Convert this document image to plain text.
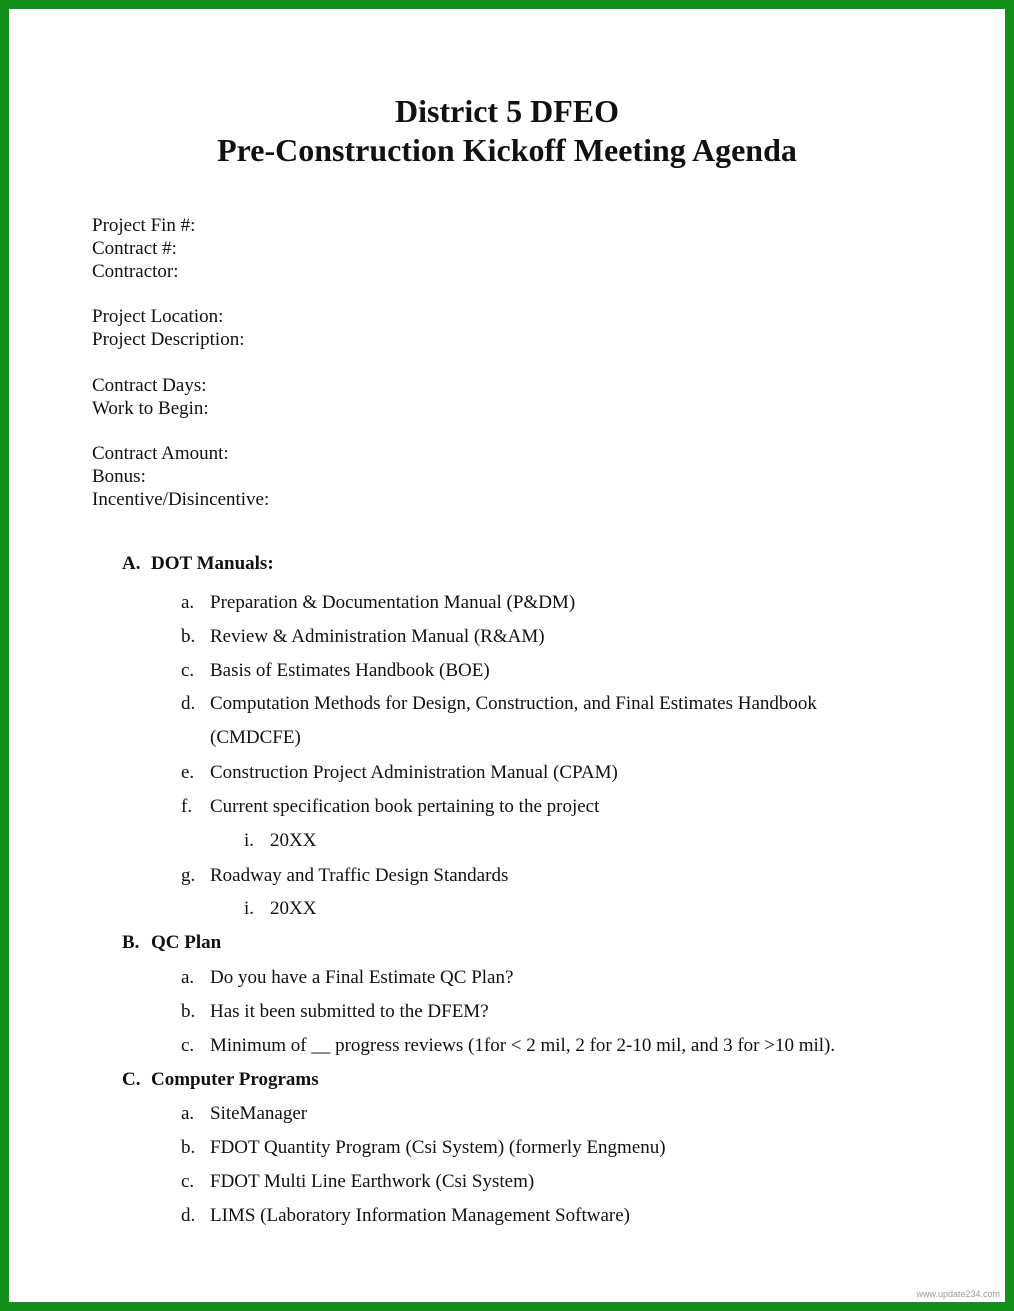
District 5 DFEO
Pre-Construction Kickoff Meeting Agenda
Project Fin #:
Contract #:
Contractor:
Project Location:
Project Description:
Contract Days:
Work to Begin:
Contract Amount:
Bonus:
Incentive/Disincentive:
A. DOT Manuals:
a. Preparation & Documentation Manual (P&DM)
b. Review & Administration Manual (R&AM)
c. Basis of Estimates Handbook (BOE)
d. Computation Methods for Design, Construction, and Final Estimates Handbook (CMDCFE)
e. Construction Project Administration Manual (CPAM)
f. Current specification book pertaining to the project
i. 20XX
g. Roadway and Traffic Design Standards
i. 20XX
B. QC Plan
a. Do you have a Final Estimate QC Plan?
b. Has it been submitted to the DFEM?
c. Minimum of __ progress reviews (1for < 2 mil, 2 for 2-10 mil, and 3 for >10 mil).
C. Computer Programs
a. SiteManager
b. FDOT Quantity Program (Csi System) (formerly Engmenu)
c. FDOT Multi Line Earthwork (Csi System)
d. LIMS (Laboratory Information Management Software)
www.update234.com
